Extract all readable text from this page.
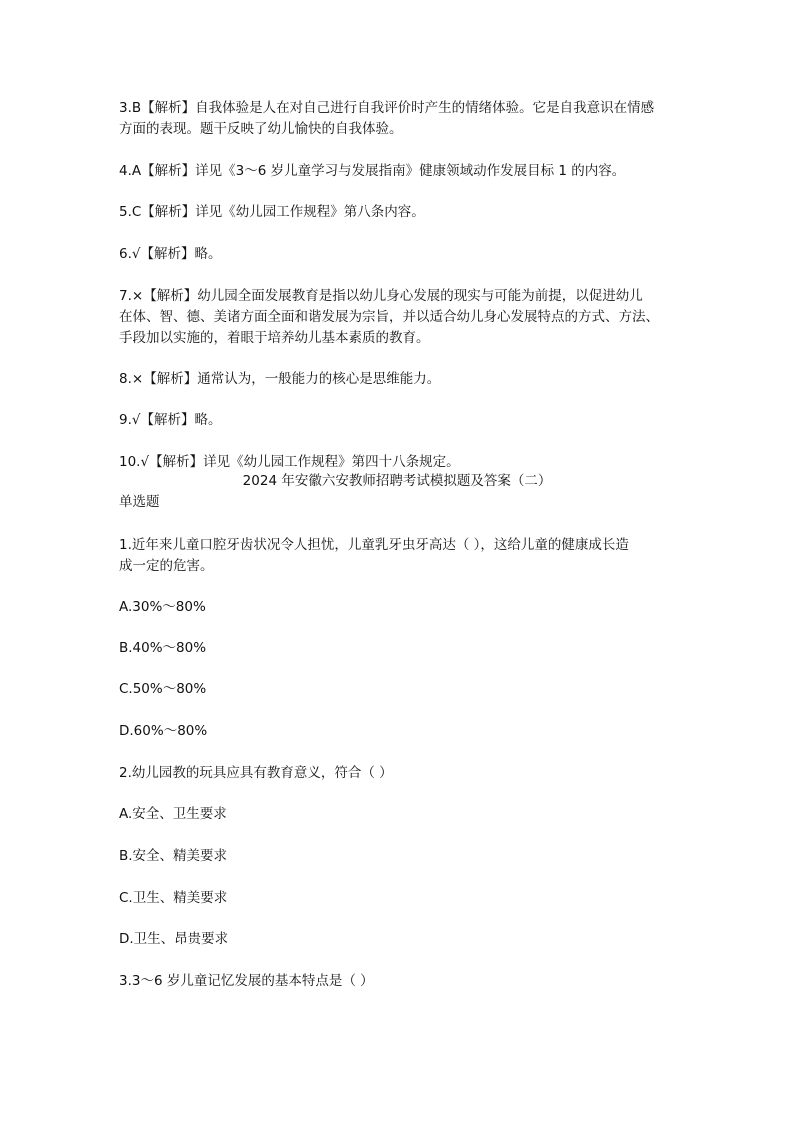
3.B【解析】自我体验是人在对自己进行自我评价时产生的情绪体验。它是自我意识在情感
方面的表现。题干反映了幼儿愉快的自我体验。
4.A【解析】详见《3～6 岁儿童学习与发展指南》健康领域动作发展目标 1 的内容。
5.C【解析】详见《幼儿园工作规程》第八条内容。
6.√【解析】略。
7.×【解析】幼儿园全面发展教育是指以幼儿身心发展的现实与可能为前提，以促进幼儿
在体、智、德、美诸方面全面和谐发展为宗旨，并以适合幼儿身心发展特点的方式、方法、
手段加以实施的，着眼于培养幼儿基本素质的教育。
8.×【解析】通常认为，一般能力的核心是思维能力。
9.√【解析】略。
10.√【解析】详见《幼儿园工作规程》第四十八条规定。
2024 年安徽六安教师招聘考试模拟题及答案（二）
单选题
1.近年来儿童口腔牙齿状况令人担忧，儿童乳牙虫牙高达（ ），这给儿童的健康成长造
成一定的危害。
A.30%～80%
B.40%～80%
C.50%～80%
D.60%～80%
2.幼儿园教的玩具应具有教育意义，符合（ ）
A.安全、卫生要求
B.安全、精美要求
C.卫生、精美要求
D.卫生、昂贵要求
3.3～6 岁儿童记忆发展的基本特点是（ ）
